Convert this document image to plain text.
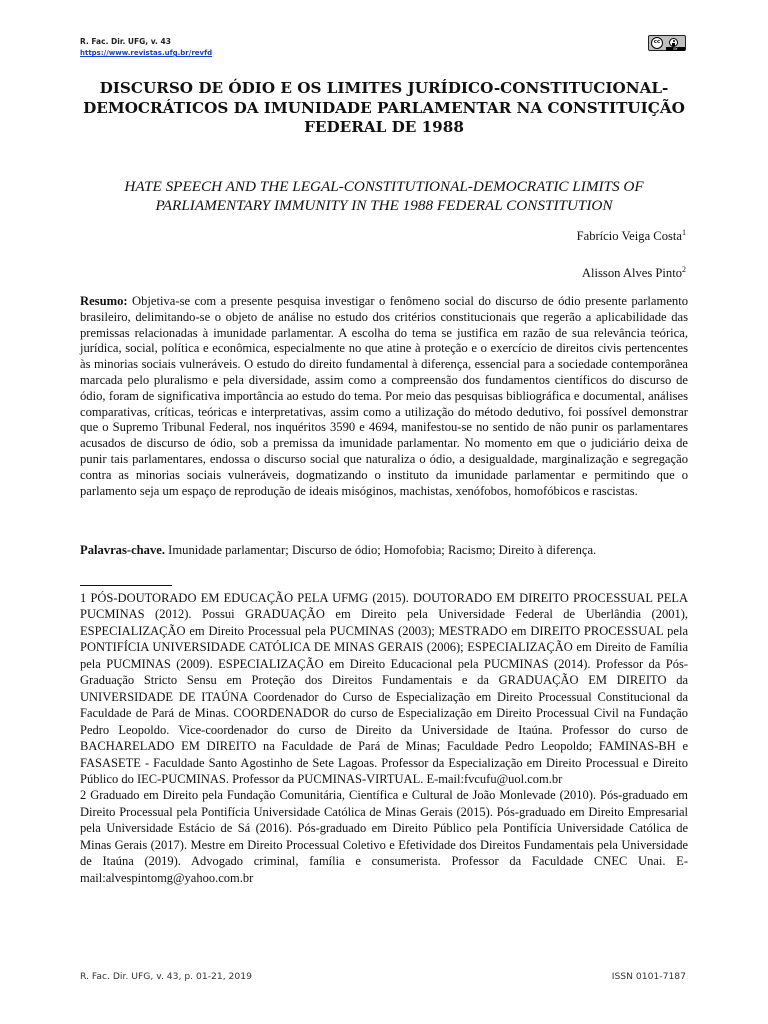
R. Fac. Dir. UFG, v. 43
https://www.revistas.ufg.br/revfd
cc
BY
DISCURSO DE ÓDIO E OS LIMITES JURÍDICO-CONSTITUCIONAL-DEMOCRÁTICOS DA IMUNIDADE PARLAMENTAR NA CONSTITUIÇÃO FEDERAL DE 1988
HATE SPEECH AND THE LEGAL-CONSTITUTIONAL-DEMOCRATIC LIMITS OF PARLIAMENTARY IMMUNITY IN THE 1988 FEDERAL CONSTITUTION
Fabrício Veiga Costa$^1$
Alisson Alves Pinto$^2$
Resumo: Objetiva-se com a presente pesquisa investigar o fenômeno social do discurso de ódio presente parlamento brasileiro, delimitando-se o objeto de análise no estudo dos critérios constitucionais que regerão a aplicabilidade das premissas relacionadas à imunidade parlamentar. A escolha do tema se justifica em razão de sua relevância teórica, jurídica, social, política e econômica, especialmente no que atine à proteção e o exercício de direitos civis pertencentes às minorias sociais vulneráveis. O estudo do direito fundamental à diferença, essencial para a sociedade contemporânea marcada pelo pluralismo e pela diversidade, assim como a compreensão dos fundamentos científicos do discurso de ódio, foram de significativa importância ao estudo do tema. Por meio das pesquisas bibliográfica e documental, análises comparativas, críticas, teóricas e interpretativas, assim como a utilização do método dedutivo, foi possível demonstrar que o Supremo Tribunal Federal, nos inquéritos 3590 e 4694, manifestou-se no sentido de não punir os parlamentares acusados de discurso de ódio, sob a premissa da imunidade parlamentar. No momento em que o judiciário deixa de punir tais parlamentares, endossa o discurso social que naturaliza o ódio, a desigualdade, marginalização e segregação contra as minorias sociais vulneráveis, dogmatizando o instituto da imunidade parlamentar e permitindo que o parlamento seja um espaço de reprodução de ideais misóginos, machistas, xenófobos, homofóbicos e rascistas.
Palavras-chave. Imunidade parlamentar; Discurso de ódio; Homofobia; Racismo; Direito à diferença.

1 PÓS-DOUTORADO EM EDUCAÇÃO PELA UFMG (2015). DOUTORADO EM DIREITO PROCESSUAL PELA PUCMINAS (2012). Possui GRADUAÇÃO em Direito pela Universidade Federal de Uberlândia (2001), ESPECIALIZAÇÃO em Direito Processual pela PUCMINAS (2003); MESTRADO em DIREITO PROCESSUAL pela PONTIFÍCIA UNIVERSIDADE CATÓLICA DE MINAS GERAIS (2006); ESPECIALIZAÇÃO em Direito de Família pela PUCMINAS (2009). ESPECIALIZAÇÃO em Direito Educacional pela PUCMINAS (2014). Professor da Pós-Graduação Stricto Sensu em Proteção dos Direitos Fundamentais e da GRADUAÇÃO EM DIREITO da UNIVERSIDADE DE ITAÚNA Coordenador do Curso de Especialização em Direito Processual Constitucional da Faculdade de Pará de Minas. COORDENADOR do curso de Especialização em Direito Processual Civil na Fundação Pedro Leopoldo. Vice-coordenador do curso de Direito da Universidade de Itaúna. Professor do curso de BACHARELADO EM DIREITO na Faculdade de Pará de Minas; Faculdade Pedro Leopoldo; FAMINAS-BH e FASASETE - Faculdade Santo Agostinho de Sete Lagoas. Professor da Especialização em Direito Processual e Direito Público do IEC-PUCMINAS. Professor da PUCMINAS-VIRTUAL. E-mail:fvcufu@uol.com.br

2 Graduado em Direito pela Fundação Comunitária, Científica e Cultural de João Monlevade (2010). Pós-graduado em Direito Processual pela Pontifícia Universidade Católica de Minas Gerais (2015). Pós-graduado em Direito Empresarial pela Universidade Estácio de Sá (2016). Pós-graduado em Direito Público pela Pontifícia Universidade Católica de Minas Gerais (2017). Mestre em Direito Processual Coletivo e Efetividade dos Direitos Fundamentais pela Universidade de Itaúna (2019). Advogado criminal, família e consumerista. Professor da Faculdade CNEC Unai. E-mail:alvespintomg@yahoo.com.br

R. Fac. Dir. UFG, v. 43, p. 01-21, 2019	ISSN 0101-7187
